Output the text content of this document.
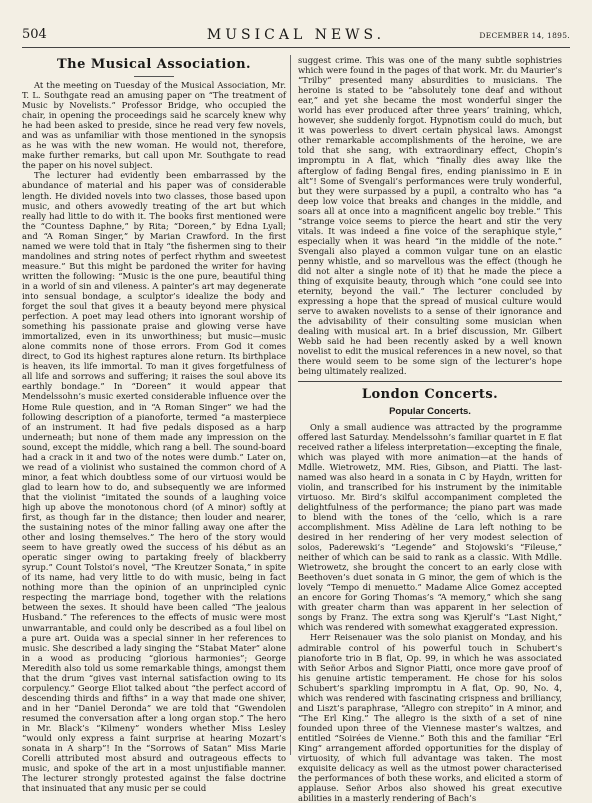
504	MUSICAL NEWS.	DECEMBER 14, 1895.
The Musical Association.

At the meeting on Tuesday of the Musical Association, Mr. T. L. Southgate read an amusing paper on “The treatment of Music by Novelists.” Professor Bridge, who occupied the chair, in opening the proceedings said he scarcely knew why he had been asked to preside, since he read very few novels, and was as unfamiliar with those mentioned in the synopsis as he was with the new woman. He would not, therefore, make further remarks, but call upon Mr. Southgate to read the paper on his novel subject.

The lecturer had evidently been embarrassed by the abundance of material and his paper was of considerable length. He divided novels into two classes, those based upon music, and others avowedly treating of the art but which really had little to do with it. The books first mentioned were the “Countess Daphne,” by Rita; “Doreen,” by Edna Lyall; and “A Roman Singer,” by Marian Crawford. In the first named we were told that in Italy “the fishermen sing to their mandolines and string notes of perfect rhythm and sweetest measure.” But this might be pardoned the writer for having written the following: “Music is the one pure, beautiful thing in a world of sin and vileness. A painter’s art may degenerate into sensual bondage, a sculptor’s idealize the body and forget the soul that gives it a beauty beyond mere physical perfection. A poet may lead others into ignorant worship of something his passionate praise and glowing verse have immortalized, even in its unworthiness; but music—music alone commits none of those errors. From God it comes direct, to God its highest raptures alone return. Its birthplace is heaven, its life immortal. To man it gives forgetfulness of all life and sorrows and suffering; it raises the soul above its earthly bondage.” In “Doreen” it would appear that Mendelssohn’s music exerted considerable influence over the Home Rule question, and in “A Roman Singer” we had the following description of a pianoforte, termed “a masterpiece of an instrument. It had five pedals disposed as a harp underneath; but none of them made any impression on the sound, except the middle, which rang a bell. The sound-board had a crack in it and two of the notes were dumb.” Later on, we read of a violinist who sustained the common chord of A minor, a feat which doubtless some of our virtuosi would be glad to learn how to do, and subsequently we are informed that the violinist “imitated the sounds of a laughing voice high up above the monotonous chord (of A minor) softly at first, as though far in the distance; then louder and nearer, the sustaining notes of the minor falling away one after the other and losing themselves.” The hero of the story would seem to have greatly owed the success of his début as an operatic singer owing to partaking freely of blackberry syrup.” Count Tolstoi’s novel, “The Kreutzer Sonata,” in spite of its name, had very little to do with music, being in fact nothing more than the opinion of an unprincipled cynic respecting the marriage bond, together with the relations between the sexes. It should have been called “The jealous Husband.” The references to the effects of music were most unwarrantable, and could only be described as a foul libel on a pure art. Ouida was a special sinner in her references to music. She described a lady singing the “Stabat Mater” alone in a wood as producing “glorious harmonies”; George Meredith also told us some remarkable things, amongst them that the drum “gives vast internal satisfaction owing to its corpulency.” George Eliot talked about “the perfect accord of descending thirds and fifths” in a way that made one shiver, and in her “Daniel Deronda” we are told that “Gwendolen resumed the conversation after a long organ stop.” The hero in Mr. Black’s “Kilmeny” wonders whether Miss Lesley “would only express a faint surprise at hearing Mozart’s sonata in A sharp”! In the “Sorrows of Satan” Miss Marie Corelli attributed most absurd and outrageous effects to music, and spoke of the art in a most unjustifiable manner. The lecturer strongly protested against the false doctrine that insinuated that any music per se could

suggest crime. This was one of the many subtle sophistries which were found in the pages of that work. Mr. du Maurier’s “Trilby” presented many absurdities to musicians. The heroine is stated to be “absolutely tone deaf and without ear,” and yet she became the most wonderful singer the world has ever produced after three years’ training, which, however, she suddenly forgot. Hypnotism could do much, but it was powerless to divert certain physical laws. Amongst other remarkable accomplishments of the heroine, we are told that she sang, with extraordinary effect, Chopin’s impromptu in A flat, which “finally dies away like the afterglow of fading Bengal fires, ending pianissimo in E in alt”! Some of Svengali’s performances were truly wonderful, but they were surpassed by a pupil, a contralto who has “a deep low voice that breaks and changes in the middle, and soars all at once into a magnificent angelic boy treble.” This “strange voice seems to pierce the heart and stir the very vitals. It was indeed a fine voice of the seraphique style,” especially when it was heard “in the middle of the note.” Svengali also played a common vulgar tune on an elastic penny whistle, and so marvellous was the effect (though he did not alter a single note of it) that he made the piece a thing of exquisite beauty, through which “one could see into eternity, beyond the vail.” The lecturer concluded by expressing a hope that the spread of musical culture would serve to awaken novelists to a sense of their ignorance and the advisability of their consulting some musician when dealing with musical art. In a brief discussion, Mr. Gilbert Webb said he had been recently asked by a well known novelist to edit the musical references in a new novel, so that there would seem to be some sign of the lecturer’s hope being ultimately realized.

London Concerts.
Popular Concerts.

Only a small audience was attracted by the programme offered last Saturday. Mendelssohn’s familiar quartet in E flat received rather a lifeless interpretation—excepting the finale, which was played with more animation—at the hands of Mdlle. Wietrowetz, MM. Ries, Gibson, and Piatti. The last-named was also heard in a sonata in C by Haydn, written for violin, and transcribed for his instrument by the inimitable virtuoso. Mr. Bird’s skilful accompaniment completed the delightfulness of the performance; the piano part was made to blend with the tones of the ‘cello, which is a rare accomplishment. Miss Adèline de Lara left nothing to be desired in her rendering of her very modest selection of solos, Paderewski’s “Legende” and Stojowski’s “Fileuse,” neither of which can be said to rank as a classic. With Mdlle. Wietrowetz, she brought the concert to an early close with Beethoven’s duet sonata in G minor, the gem of which is the lovely “Tempo di menuetto.” Madame Alice Gomez accepted an encore for Goring Thomas’s “A memory,” which she sang with greater charm than was apparent in her selection of songs by Franz. The extra song was Kjerulf’s “Last Night,” which was rendered with somewhat exaggerated expression.

Herr Reisenauer was the solo pianist on Monday, and his admirable control of his powerful touch in Schubert’s pianoforte trio in B flat, Op. 99, in which he was associated with Señor Arbos and Signor Piatti, once more gave proof of his genuine artistic temperament. He chose for his solos Schubert’s sparkling impromptu in A flat, Op. 90, No. 4, which was rendered with fascinating crispness and brilliancy, and Liszt’s paraphrase, “Allegro con strepito” in A minor, and “The Erl King.” The allegro is the sixth of a set of nine founded upon three of the Viennese master’s waltzes, and entitled “Soirées de Vienne.” Both this and the familiar “Erl King” arrangement afforded opportunities for the display of virtuosity, of which full advantage was taken. The most exquisite delicacy as well as the utmost power characterised the performances of both these works, and elicited a storm of applause. Señor Arbos also showed his great executive abilities in a masterly rendering of Bach’s
